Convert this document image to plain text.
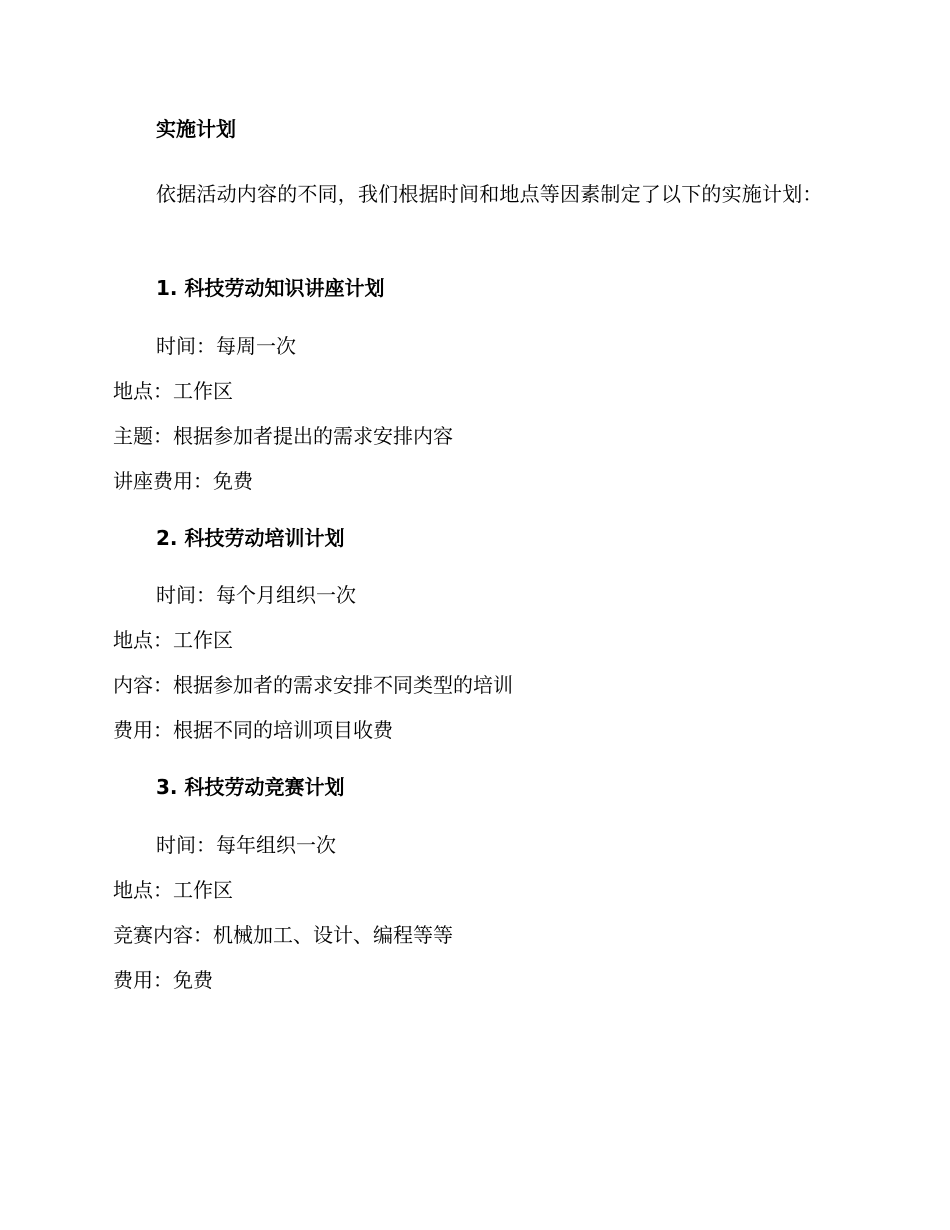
实施计划
依据活动内容的不同，我们根据时间和地点等因素制定了以下的实施计划：
1. 科技劳动知识讲座计划
时间：每周一次
地点：工作区
主题：根据参加者提出的需求安排内容
讲座费用：免费
2. 科技劳动培训计划
时间：每个月组织一次
地点：工作区
内容：根据参加者的需求安排不同类型的培训
费用：根据不同的培训项目收费
3. 科技劳动竞赛计划
时间：每年组织一次
地点：工作区
竞赛内容：机械加工、设计、编程等等
费用：免费
